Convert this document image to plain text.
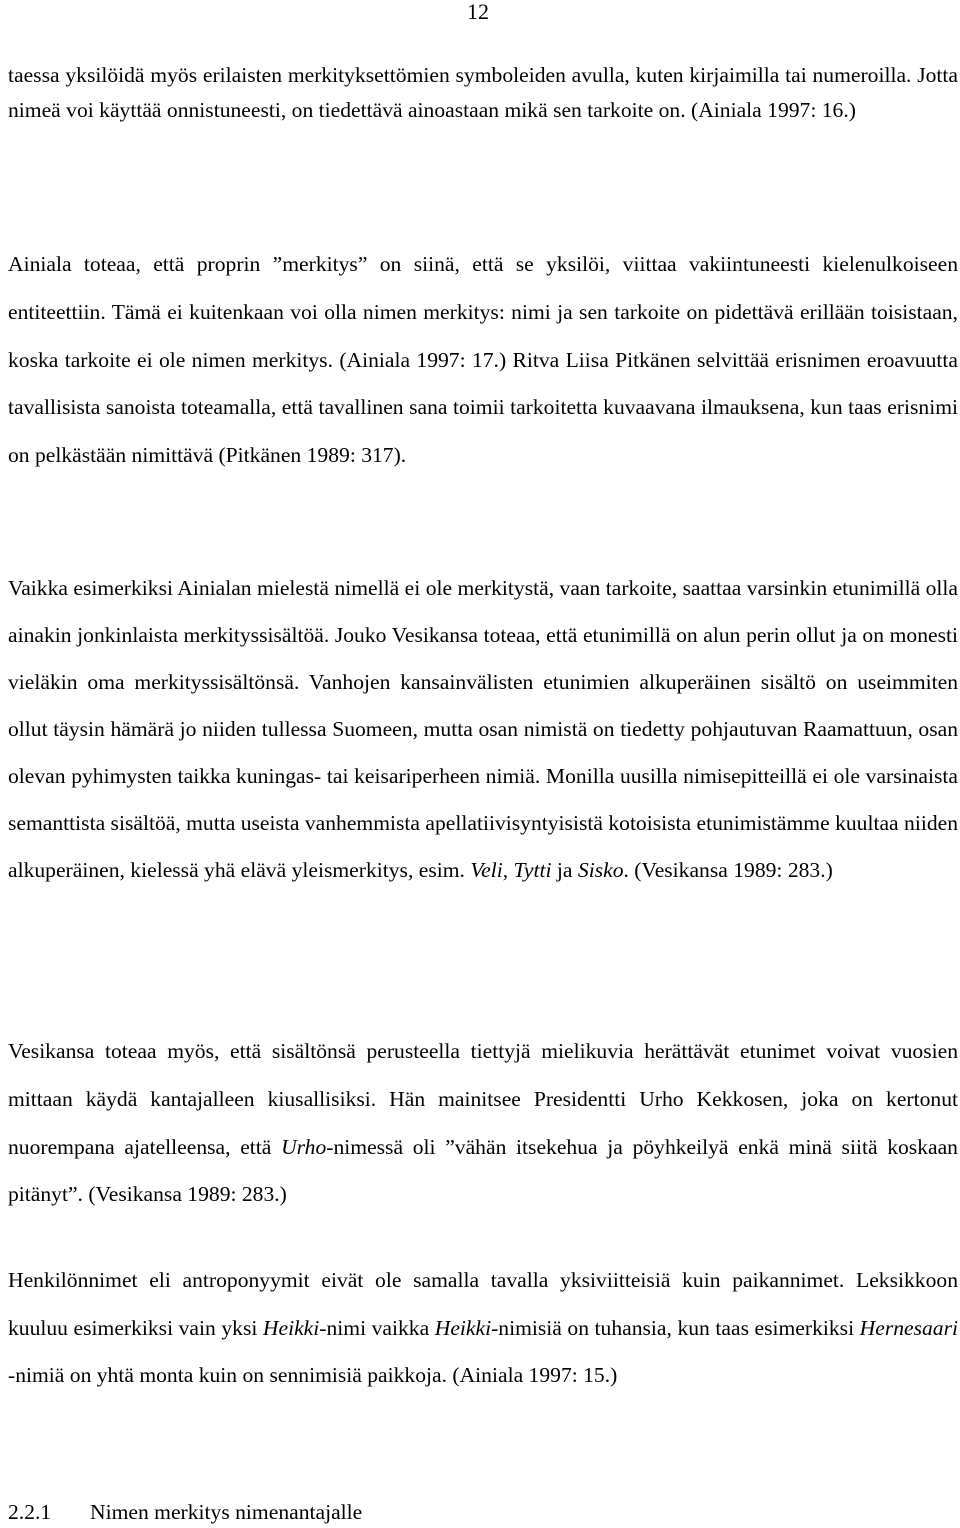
12

taessa yksilöidä myös erilaisten merkityksettömien symboleiden avulla, kuten kirjaimilla tai numeroilla. Jotta nimeä voi käyttää onnistuneesti, on tiedettävä ainoastaan mikä sen tarkoite on. (Ainiala 1997: 16.)

Ainiala toteaa, että proprin ”merkitys” on siinä, että se yksilöi, viittaa vakiintuneesti kielenulkoiseen entiteettiin. Tämä ei kuitenkaan voi olla nimen merkitys: nimi ja sen tarkoite on pidettävä erillään toisistaan, koska tarkoite ei ole nimen merkitys. (Ainiala 1997: 17.) Ritva Liisa Pitkänen selvittää erisnimen eroavuutta tavallisista sanoista toteamalla, että tavallinen sana toimii tarkoitetta kuvaavana ilmauksena, kun taas erisnimi on pelkästään nimittävä (Pitkänen 1989: 317).

Vaikka esimerkiksi Ainialan mielestä nimellä ei ole merkitystä, vaan tarkoite, saattaa varsinkin etunimillä olla ainakin jonkinlaista merkityssisältöä. Jouko Vesikansa toteaa, että etunimillä on alun perin ollut ja on monesti vieläkin oma merkityssisältönsä. Vanhojen kansainvälisten etunimien alkuperäinen sisältö on useimmiten ollut täysin hämärä jo niiden tullessa Suomeen, mutta osan nimistä on tiedetty pohjautuvan Raamattuun, osan olevan pyhimysten taikka kuningas- tai keisariperheen nimiä. Monilla uusilla nimisepitteillä ei ole varsinaista semanttista sisältöä, mutta useista vanhemmista apellatiivisyntyisistä kotoisista etunimistämme kuultaa niiden alkuperäinen, kielessä yhä elävä yleismerkitys, esim. Veli, Tytti ja Sisko. (Vesikansa 1989: 283.)

Vesikansa toteaa myös, että sisältönsä perusteella tiettyjä mielikuvia herättävät etunimet voivat vuosien mittaan käydä kantajalleen kiusallisiksi. Hän mainitsee Presidentti Urho Kekkosen, joka on kertonut nuorempana ajatelleensa, että Urho-nimessä oli ”vähän itsekehua ja pöyhkeilyä enkä minä siitä koskaan pitänyt”. (Vesikansa 1989: 283.)

Henkilönnimet eli antroponyymit eivät ole samalla tavalla yksiviitteisiä kuin paikannimet. Leksikkoon kuuluu esimerkiksi vain yksi Heikki-nimi vaikka Heikki-nimisiä on tuhansia, kun taas esimerkiksi Hernesaari -nimiä on yhtä monta kuin on sennimisiä paikkoja. (Ainiala 1997: 15.)

2.2.1 Nimen merkitys nimenantajalle
